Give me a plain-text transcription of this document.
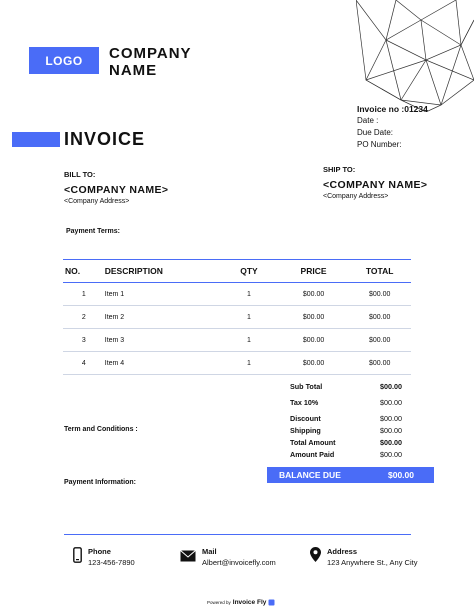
LOGO	COMPANY NAME
Invoice no :01234
Date :
Due Date:
PO Number:
INVOICE
BILL TO:
<COMPANY NAME>
<Company Address>
SHIP TO:
<COMPANY NAME>
<Company Address>
Payment Terms:
NO.	DESCRIPTION	QTY	PRICE	TOTAL
1	Item 1	1	$00.00	$00.00
2	Item 2	1	$00.00	$00.00
3	Item 3	1	$00.00	$00.00
4	Item 4	1	$00.00	$00.00
Sub Total	$00.00
Tax 10%	$00.00
Discount	$00.00
Shipping	$00.00
Total Amount	$00.00
Amount Paid	$00.00
BALANCE DUE	$00.00
Term and Conditions :
Payment Information:
Phone
123-456-7890
Mail
Albert@invoicefly.com
Address
123 Anywhere St., Any City
Powered by Invoice Fly
